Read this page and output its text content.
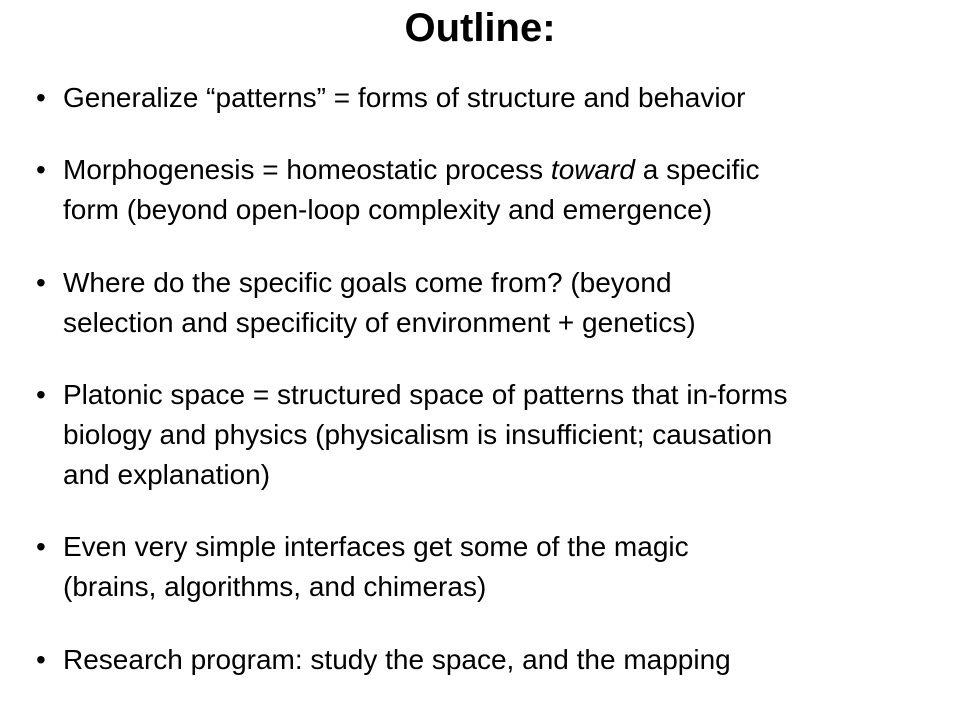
Outline:
• Generalize “patterns” = forms of structure and behavior
• Morphogenesis = homeostatic process toward a specific
form (beyond open-loop complexity and emergence)
• Where do the specific goals come from? (beyond
selection and specificity of environment + genetics)
• Platonic space = structured space of patterns that in-forms
biology and physics (physicalism is insufficient; causation
and explanation)
• Even very simple interfaces get some of the magic
(brains, algorithms, and chimeras)
• Research program: study the space, and the mapping
